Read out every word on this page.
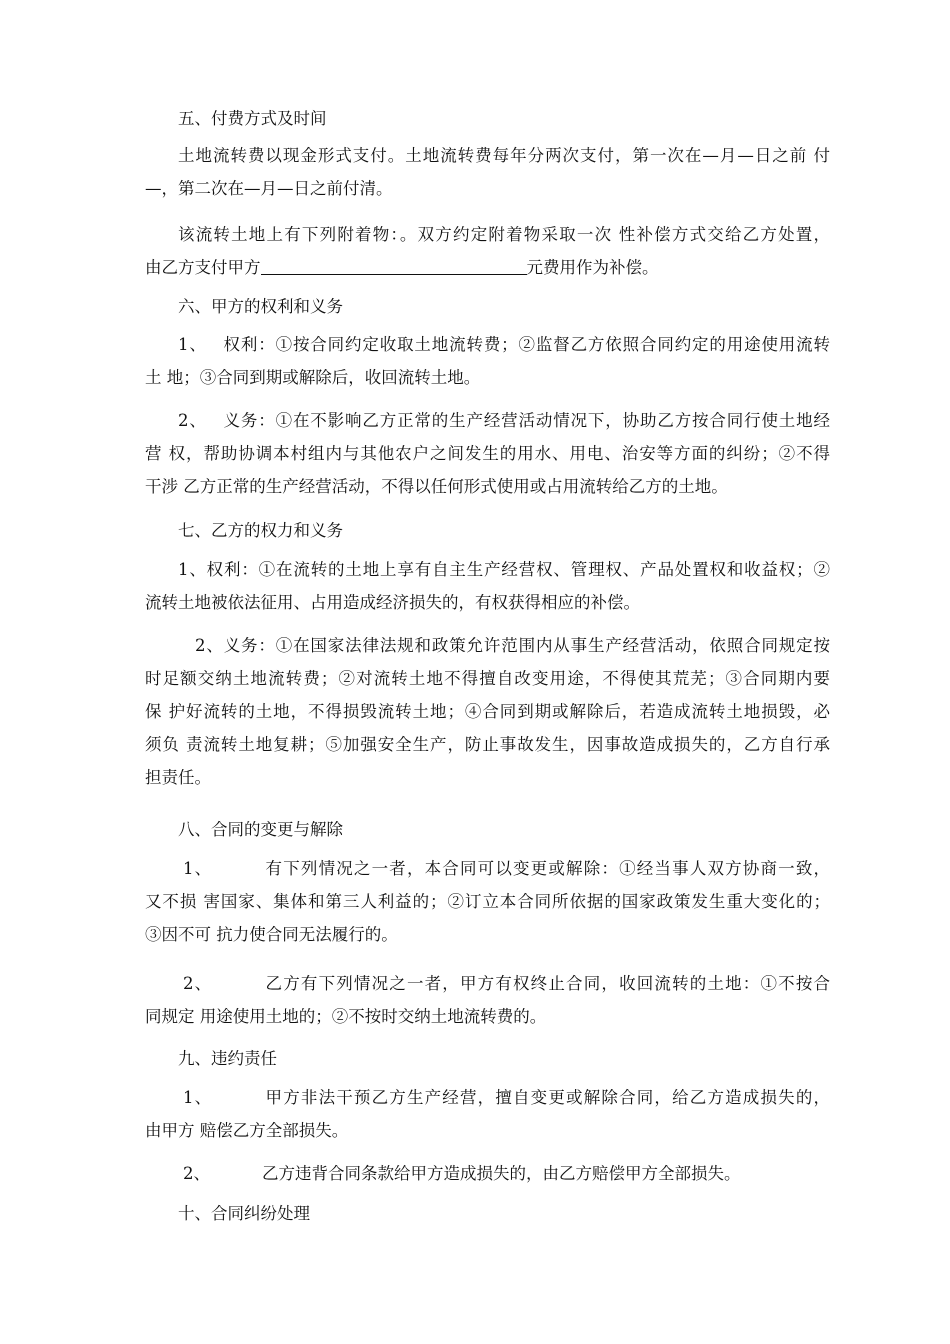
五、付费方式及时间
土地流转费以现金形式支付。土地流转费每年分两次支付，第一次在—月—日之前 付
—，第二次在—月—日之前付清。
该流转土地上有下列附着物：。双方约定附着物采取一次 性补偿方式交给乙方处置，
由乙方支付甲方	元费用作为补偿。
六、甲方的权利和义务
1、 权利：①按合同约定收取土地流转费；②监督乙方依照合同约定的用途使用流转
土 地；③合同到期或解除后，收回流转土地。
2、 义务：①在不影响乙方正常的生产经营活动情况下，协助乙方按合同行使土地经
营 权，帮助协调本村组内与其他农户之间发生的用水、用电、治安等方面的纠纷；②不得
干涉 乙方正常的生产经营活动，不得以任何形式使用或占用流转给乙方的土地。
七、乙方的权力和义务
1、权利：①在流转的土地上享有自主生产经营权、管理权、产品处置权和收益权；②
流转土地被依法征用、占用造成经济损失的，有权获得相应的补偿。
2、义务：①在国家法律法规和政策允许范围内从事生产经营活动，依照合同规定按
时足额交纳土地流转费；②对流转土地不得擅自改变用途，不得使其荒芜；③合同期内要
保 护好流转的土地，不得损毁流转土地；④合同到期或解除后，若造成流转土地损毁，必
须负 责流转土地复耕；⑤加强安全生产，防止事故发生，因事故造成损失的，乙方自行承
担责任。
八、合同的变更与解除
1、	有下列情况之一者，本合同可以变更或解除：①经当事人双方协商一致，
又不损 害国家、集体和第三人利益的；②订立本合同所依据的国家政策发生重大变化的；
③因不可 抗力使合同无法履行的。
2、	乙方有下列情况之一者，甲方有权终止合同，收回流转的土地：①不按合
同规定 用途使用土地的；②不按时交纳土地流转费的。
九、违约责任
1、	甲方非法干预乙方生产经营，擅自变更或解除合同，给乙方造成损失的，
由甲方 赔偿乙方全部损失。
2、	乙方违背合同条款给甲方造成损失的，由乙方赔偿甲方全部损失。
十、合同纠纷处理
